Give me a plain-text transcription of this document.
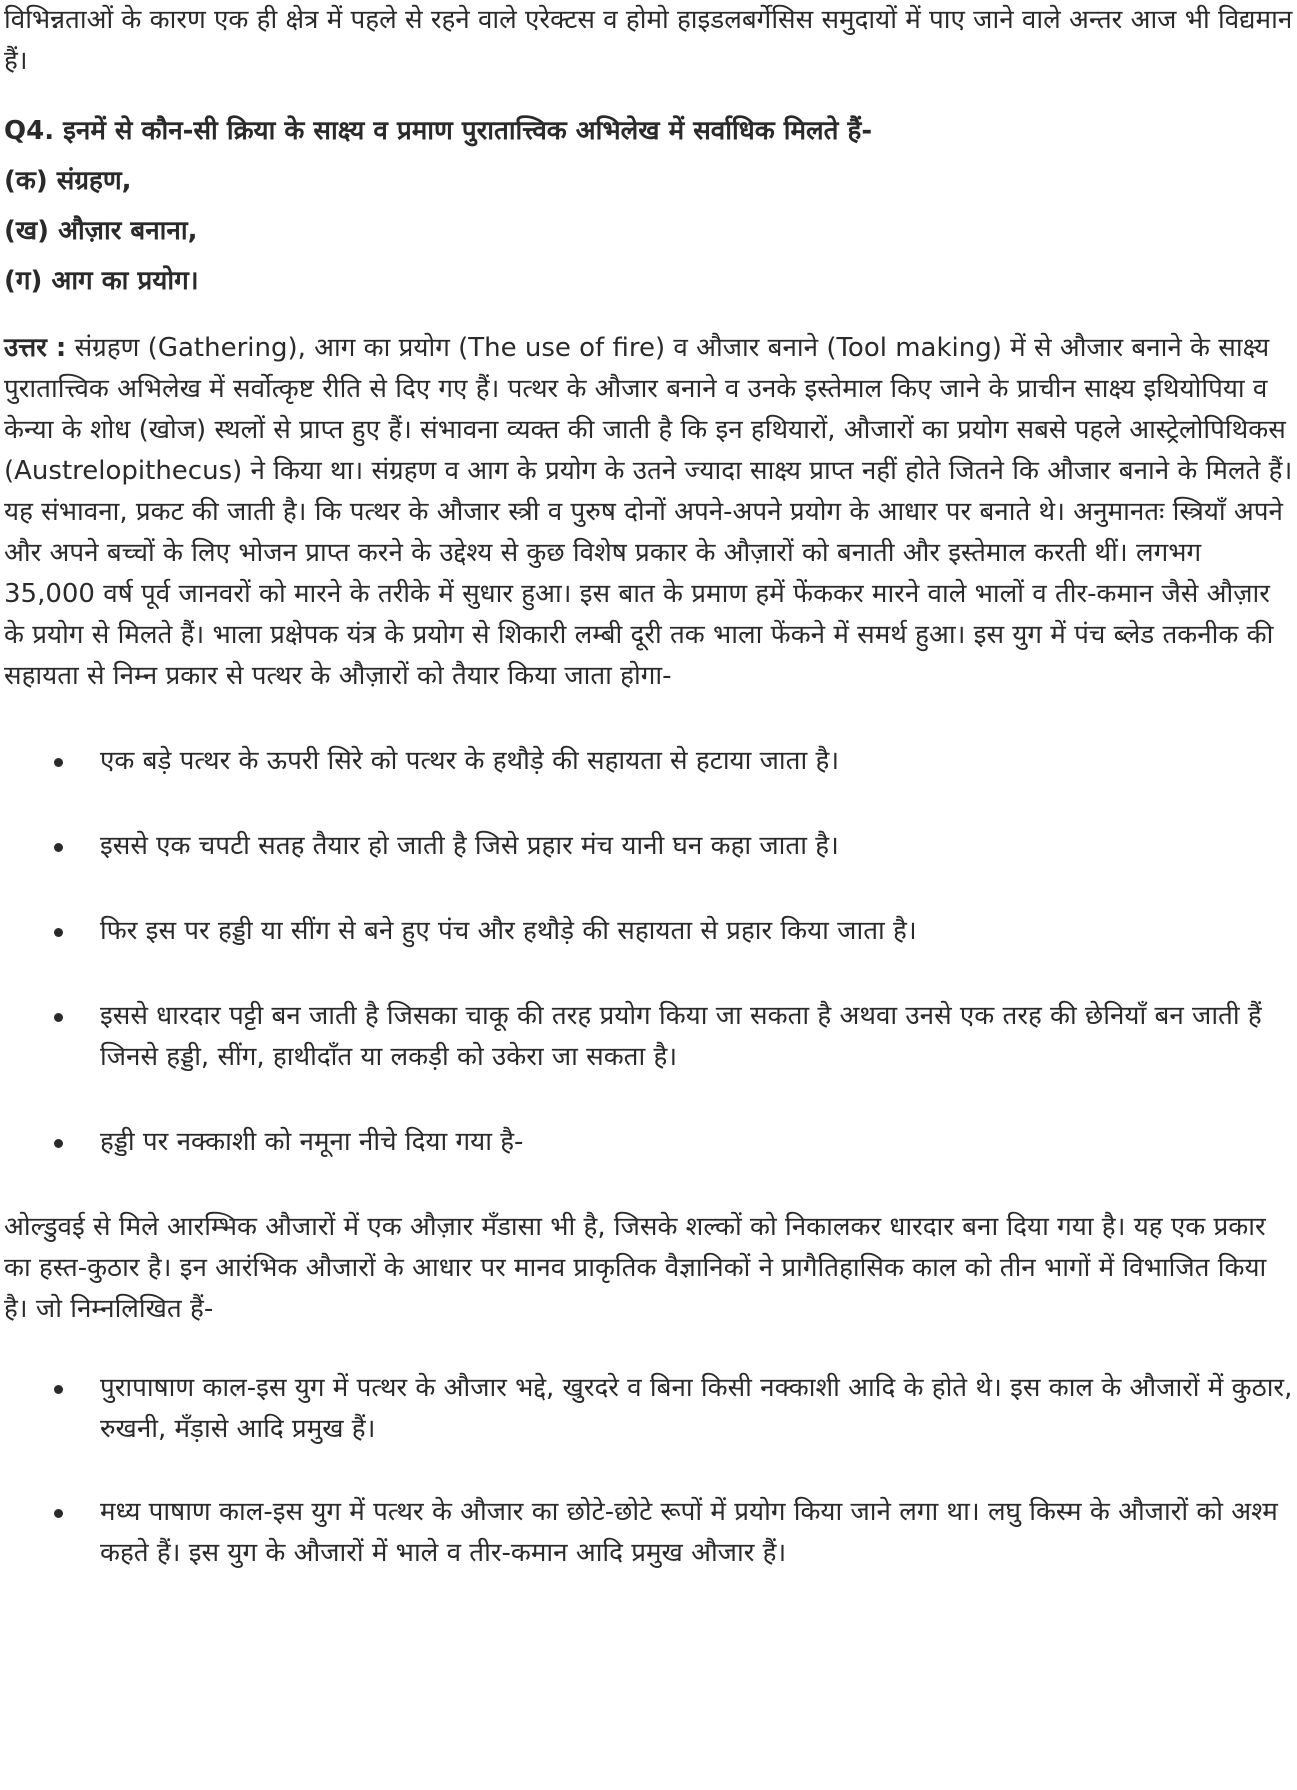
विभिन्नताओं के कारण एक ही क्षेत्र में पहले से रहने वाले एरेक्टस व होमो हाइडलबर्गेसिस समुदायों में पाए जाने वाले अन्तर आज भी विद्यमान हैं।

Q4. इनमें से कौन-सी क्रिया के साक्ष्य व प्रमाण पुरातात्त्विक अभिलेख में सर्वाधिक मिलते हैं-
(क) संग्रहण,
(ख) औज़ार बनाना,
(ग) आग का प्रयोग।

उत्तर : संग्रहण (Gathering), आग का प्रयोग (The use of fire) व औजार बनाने (Tool making) में से औजार बनाने के साक्ष्य पुरातात्त्विक अभिलेख में सर्वोत्कृष्ट रीति से दिए गए हैं। पत्थर के औजार बनाने व उनके इस्तेमाल किए जाने के प्राचीन साक्ष्य इथियोपिया व केन्या के शोध (खोज) स्थलों से प्राप्त हुए हैं। संभावना व्यक्त की जाती है कि इन हथियारों, औजारों का प्रयोग सबसे पहले आस्ट्रेलोपिथिकस (Austrelopithecus) ने किया था। संग्रहण व आग के प्रयोग के उतने ज्यादा साक्ष्य प्राप्त नहीं होते जितने कि औजार बनाने के मिलते हैं। यह संभावना, प्रकट की जाती है। कि पत्थर के औजार स्त्री व पुरुष दोनों अपने-अपने प्रयोग के आधार पर बनाते थे। अनुमानतः स्त्रियाँ अपने और अपने बच्चों के लिए भोजन प्राप्त करने के उद्देश्य से कुछ विशेष प्रकार के औज़ारों को बनाती और इस्तेमाल करती थीं। लगभग 35,000 वर्ष पूर्व जानवरों को मारने के तरीके में सुधार हुआ। इस बात के प्रमाण हमें फेंककर मारने वाले भालों व तीर-कमान जैसे औज़ार के प्रयोग से मिलते हैं। भाला प्रक्षेपक यंत्र के प्रयोग से शिकारी लम्बी दूरी तक भाला फेंकने में समर्थ हुआ। इस युग में पंच ब्लेड तकनीक की सहायता से निम्न प्रकार से पत्थर के औज़ारों को तैयार किया जाता होगा-

एक बड़े पत्थर के ऊपरी सिरे को पत्थर के हथौड़े की सहायता से हटाया जाता है।
इससे एक चपटी सतह तैयार हो जाती है जिसे प्रहार मंच यानी घन कहा जाता है।
फिर इस पर हड्डी या सींग से बने हुए पंच और हथौड़े की सहायता से प्रहार किया जाता है।
इससे धारदार पट्टी बन जाती है जिसका चाकू की तरह प्रयोग किया जा सकता है अथवा उनसे एक तरह की छेनियाँ बन जाती हैं जिनसे हड्डी, सींग, हाथीदाँत या लकड़ी को उकेरा जा सकता है।
हड्डी पर नक्काशी को नमूना नीचे दिया गया है-

ओल्डुवई से मिले आरम्भिक औजारों में एक औज़ार मँडासा भी है, जिसके शल्कों को निकालकर धारदार बना दिया गया है। यह एक प्रकार का हस्त-कुठार है। इन आरंभिक औजारों के आधार पर मानव प्राकृतिक वैज्ञानिकों ने प्रागैतिहासिक काल को तीन भागों में विभाजित किया है। जो निम्नलिखित हैं-

पुरापाषाण काल-इस युग में पत्थर के औजार भद्दे, खुरदरे व बिना किसी नक्काशी आदि के होते थे। इस काल के औजारों में कुठार, रुखनी, मँड़ासे आदि प्रमुख हैं।
मध्य पाषाण काल-इस युग में पत्थर के औजार का छोटे-छोटे रूपों में प्रयोग किया जाने लगा था। लघु किस्म के औजारों को अश्म कहते हैं। इस युग के औजारों में भाले व तीर-कमान आदि प्रमुख औजार हैं।
